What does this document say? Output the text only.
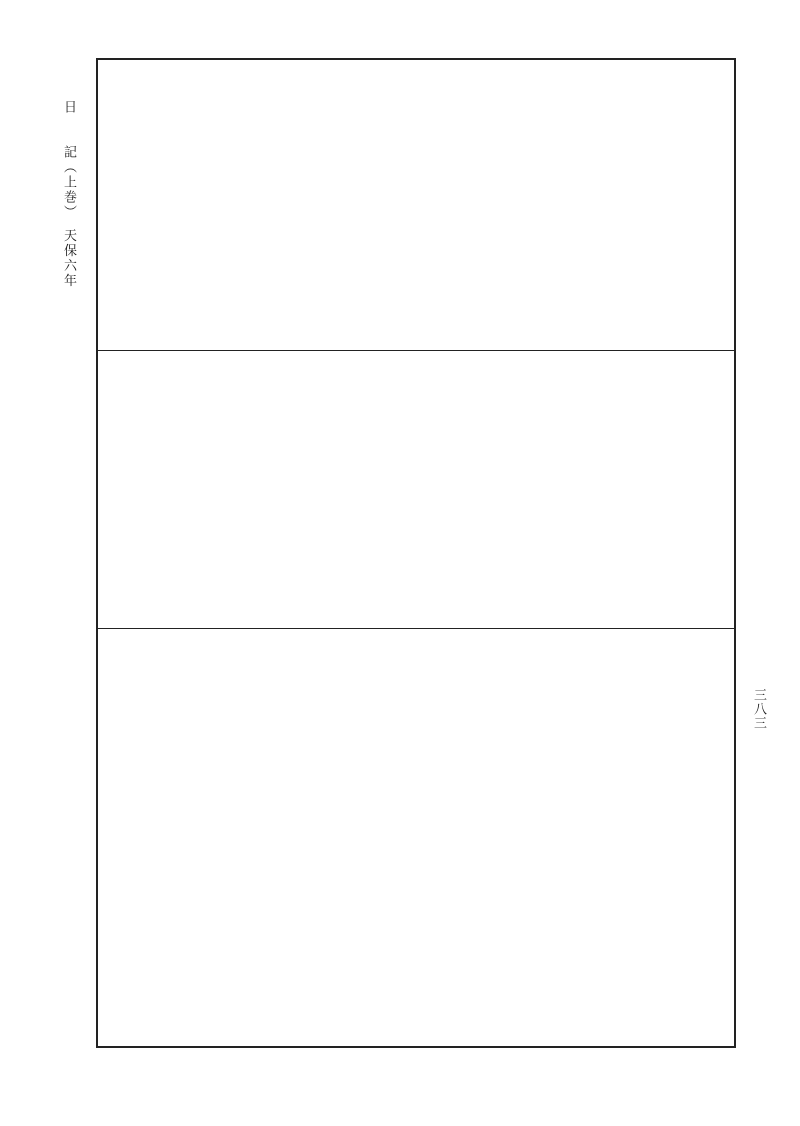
日　　記（上巻）　天保六年
三八三
